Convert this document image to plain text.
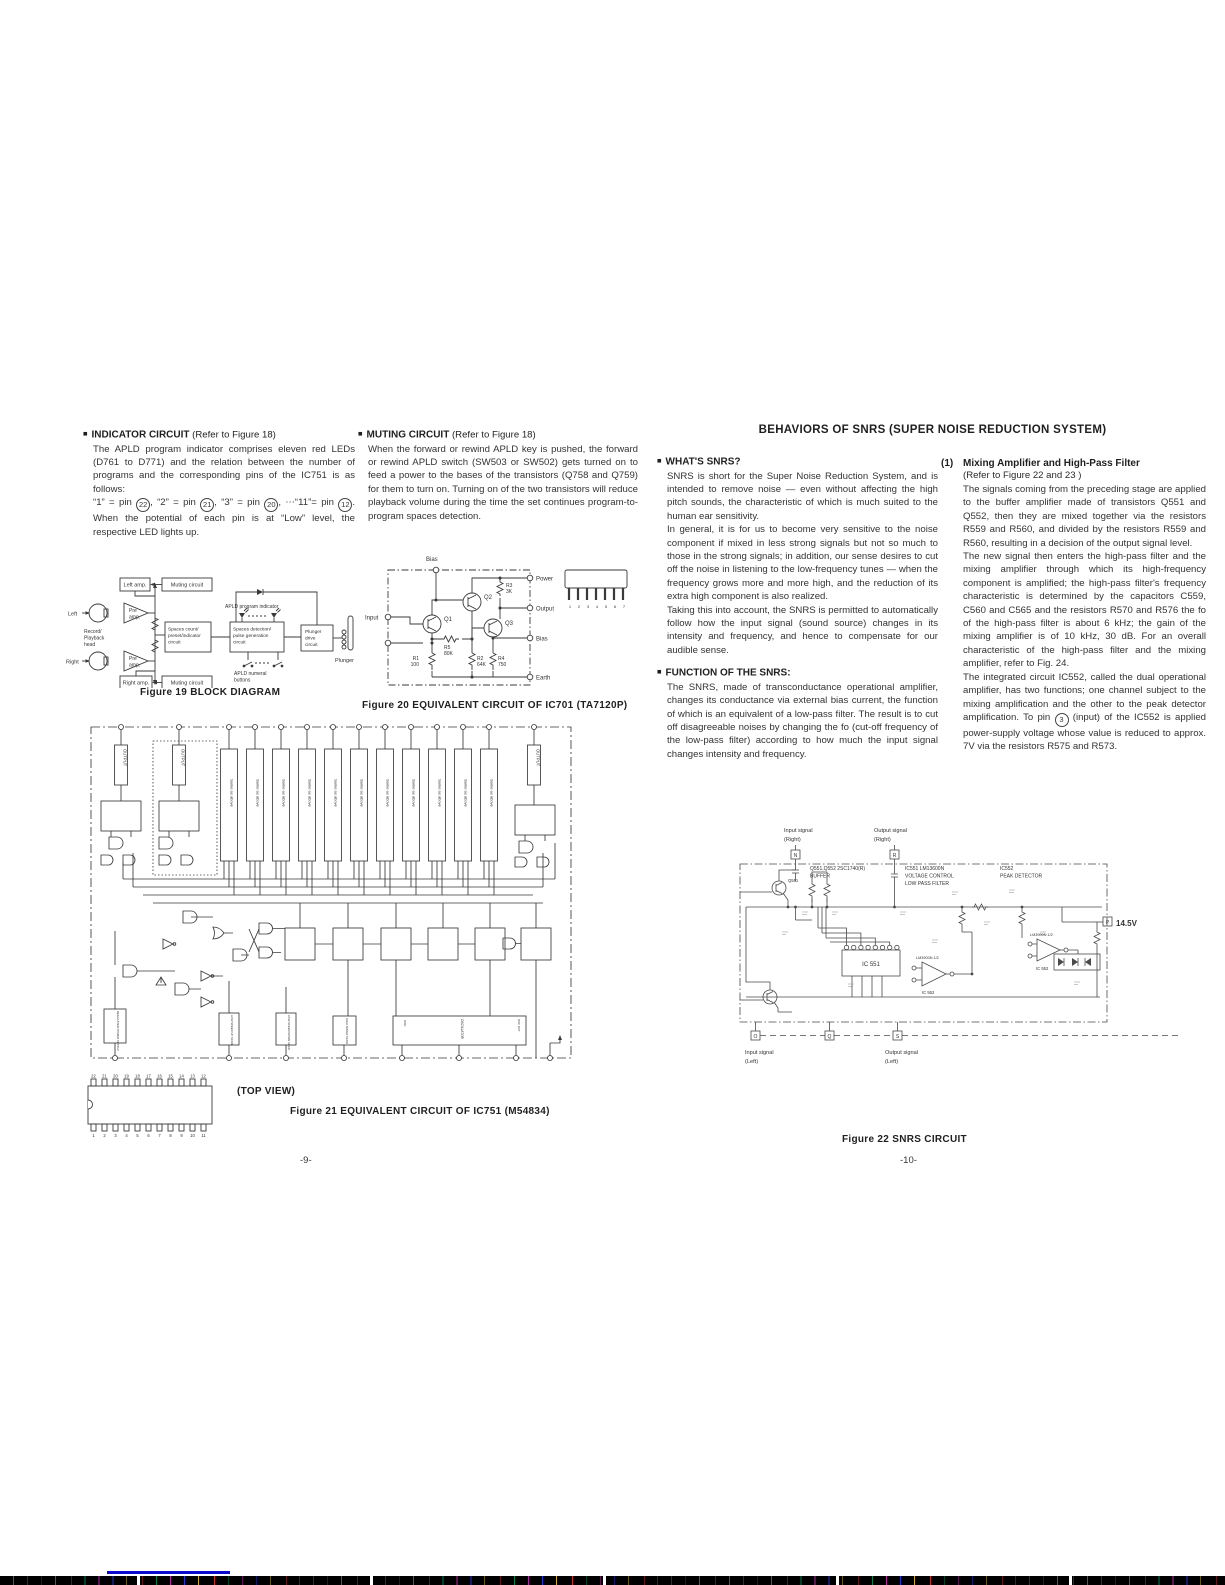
■ INDICATOR CIRCUIT (Refer to Figure 18)

The APLD program indicator comprises eleven red LEDs (D761 to D771) and the relation between the number of programs and the corresponding pins of the IC751 is as follows:

“1” = pin 22 , “2” = pin 21 , “3” = pin 20 , ⋯“11”= pin 12 . When the potential of each pin is at “Low” level, the respective LED lights up.

■ MUTING CIRCUIT (Refer to Figure 18)

When the forward or rewind APLD key is pushed, the forward or rewind APLD switch (SW503 or SW502) gets turned on to feed a power to the bases of the transistors (Q758 and Q759) for them to turn on. Turning on of the two transistors will reduce playback volume during the time the set continues program-to-program spaces detection.

Left amp.	Muting circuit
Pre
amp.
Pre
amp.
Left
Right
Record/
Playback
head
Spaces count/
preset/indicator
circuit
APLD program indicator
Spaces detection/
pulse generation
circuit
Plunger
drive
circuit
Plunger
APLD numeral
buttons
Right amp.	Muting circuit
Figure 19 BLOCK DIAGRAM
Bias
Input
Power
Output
Bias
Earth
Q1
Q2
Q3
R3
3K
R5
80K
R1
100
R2
64K
R4
750
1 2 3 4 5 6 7
Figure 20 EQUIVALENT CIRCUIT OF IC701 (TA7120P)
OUTPUT	OUTPUT	OUTPUT
Same as above	Same as above	Same as above	Same as above	Same as above	Same as above	Same as above	Same as above	Same as above	Same as above	Same as above
REGULATED POWER SUPPLY	LOW SPEED UP SCAN	LOW SPEED DOWN SCAN	HIGH SPEED SCAN	OSC	OSCILLATOR	OSC OUT
22 21 20 19 18 17 16 15 14 13 12
1 2 3 4 5 6 7 8 9 10 11
(TOP VIEW)
Figure 21 EQUIVALENT CIRCUIT OF IC751 (M54834)
-9-
BEHAVIORS OF SNRS (SUPER NOISE REDUCTION SYSTEM)
■ WHAT'S SNRS?

SNRS is short for the Super Noise Reduction System, and is intended to remove noise — even without affecting the high pitch sounds, the characteristic of which is much suited to the human ear sensitivity.

In general, it is for us to become very sensitive to the noise component if mixed in less strong signals but not so much to those in the strong signals; in addition, our sense desires to cut off the noise in listening to the low-frequency tunes — when the frequency grows more and more high, and the reduction of its extra high component is also realized.

Taking this into account, the SNRS is permitted to automatically follow how the input signal (sound source) changes in its intensity and frequency, and hence to compensate for our audible sense.

■ FUNCTION OF THE SNRS:

The SNRS, made of transconductance operational amplifier, changes its conductance via external bias current, the function of which is an equivalent of a low-pass filter. The result is to cut off disagreeable noises by changing the fo (cut-off frequency of the low-pass filter) according to how much the input signal changes intensity and frequency.

(1) Mixing Amplifier and High-Pass Filter
(Refer to Figure 22 and 23 )

The signals coming from the preceding stage are applied to the buffer amplifier made of transistors Q551 and Q552, then they are mixed together via the resistors R559 and R560, and divided by the resistors R559 and R560, resulting in a decision of the output signal level.

The new signal then enters the high-pass filter and the mixing amplifier through which its high-frequency component is amplified; the high-pass filter's frequency characteristic is determined by the capacitors C559, C560 and C565 and the resistors R570 and R576 the fo of the high-pass filter is about 6 kHz; the gain of the mixing amplifier is of 10 kHz, 30 dB. For an overall characteristic of the high-pass filter and the mixing amplifier, refer to Fig. 24.

The integrated circuit IC552, called the dual operational amplifier, has two functions; one channel subject to the mixing amplification and the other to the peak detector amplification. To pin 3 (input) of the IC552 is applied power-supply voltage whose value is reduced to approx. 7V via the resistors R575 and R573.

Input signal
(Right)
Output signal
(Right)
Q551,Q552 2SC1740(R)
BUFFER
IC551 LM13600N
VOLTAGE CONTROL
LOW PASS FILTER
IC552
PEAK DETECTOR
Q551
IC 551
LM3900N 1/2
IC 552
LM3900N 1/2
IC 552
14.5V
N	R
P
O	Q	S
Input signal
(Left)
Output signal
(Left)
Figure 22 SNRS CIRCUIT
-10-
